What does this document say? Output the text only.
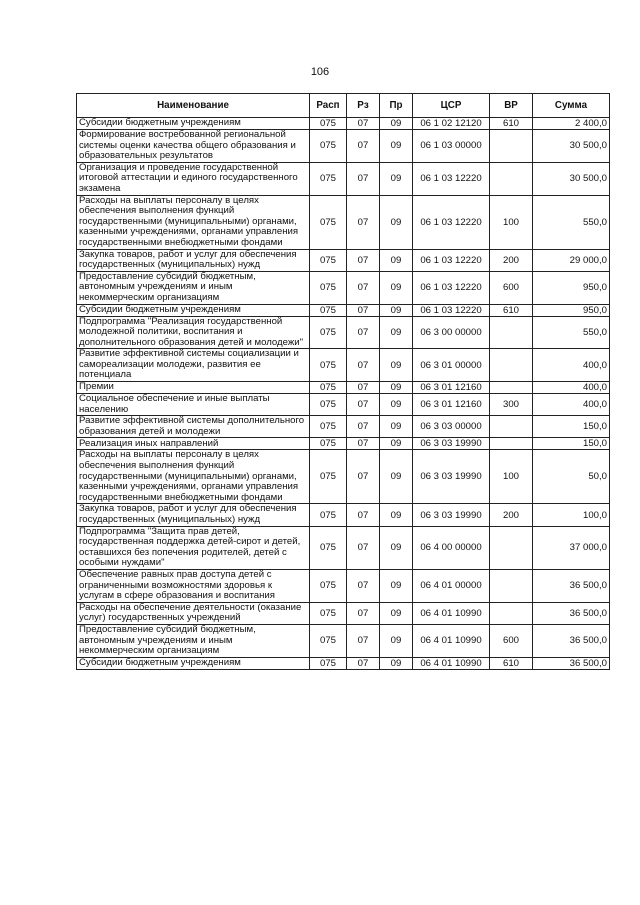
106
Наименование	Расп	Рз	Пр	ЦСР	ВР	Сумма
Субсидии бюджетным учреждениям	075	07	09	06 1 02 12120	610	2 400,0
Формирование востребованной региональной системы оценки качества общего образования и образовательных результатов	075	07	09	06 1 03 00000		30 500,0
Организация и проведение государственной итоговой аттестации и единого государственного экзамена	075	07	09	06 1 03 12220		30 500,0
Расходы на выплаты персоналу в целях обеспечения выполнения функций государственными (муниципальными) органами, казенными учреждениями, органами управления государственными внебюджетными фондами	075	07	09	06 1 03 12220	100	550,0
Закупка товаров, работ и услуг для обеспечения государственных (муниципальных) нужд	075	07	09	06 1 03 12220	200	29 000,0
Предоставление субсидий бюджетным, автономным учреждениям и иным некоммерческим организациям	075	07	09	06 1 03 12220	600	950,0
Субсидии бюджетным учреждениям	075	07	09	06 1 03 12220	610	950,0
Подпрограмма "Реализация государственной молодежной политики, воспитания и дополнительного образования детей и молодежи"	075	07	09	06 3 00 00000		550,0
Развитие эффективной системы социализации и самореализации молодежи, развития ее потенциала	075	07	09	06 3 01 00000		400,0
Премии	075	07	09	06 3 01 12160		400,0
Социальное обеспечение и иные выплаты населению	075	07	09	06 3 01 12160	300	400,0
Развитие эффективной системы дополнительного образования детей и молодежи	075	07	09	06 3 03 00000		150,0
Реализация иных направлений	075	07	09	06 3 03 19990		150,0
Расходы на выплаты персоналу в целях обеспечения выполнения функций государственными (муниципальными) органами, казенными учреждениями, органами управления государственными внебюджетными фондами	075	07	09	06 3 03 19990	100	50,0
Закупка товаров, работ и услуг для обеспечения государственных (муниципальных) нужд	075	07	09	06 3 03 19990	200	100,0
Подпрограмма "Защита прав детей, государственная поддержка детей-сирот и детей, оставшихся без попечения родителей, детей с особыми нуждами"	075	07	09	06 4 00 00000		37 000,0
Обеспечение равных прав доступа детей с ограниченными возможностями здоровья к услугам в сфере образования и воспитания	075	07	09	06 4 01 00000		36 500,0
Расходы на обеспечение деятельности (оказание услуг) государственных учреждений	075	07	09	06 4 01 10990		36 500,0
Предоставление субсидий бюджетным, автономным учреждениям и иным некоммерческим организациям	075	07	09	06 4 01 10990	600	36 500,0
Субсидии бюджетным учреждениям	075	07	09	06 4 01 10990	610	36 500,0
